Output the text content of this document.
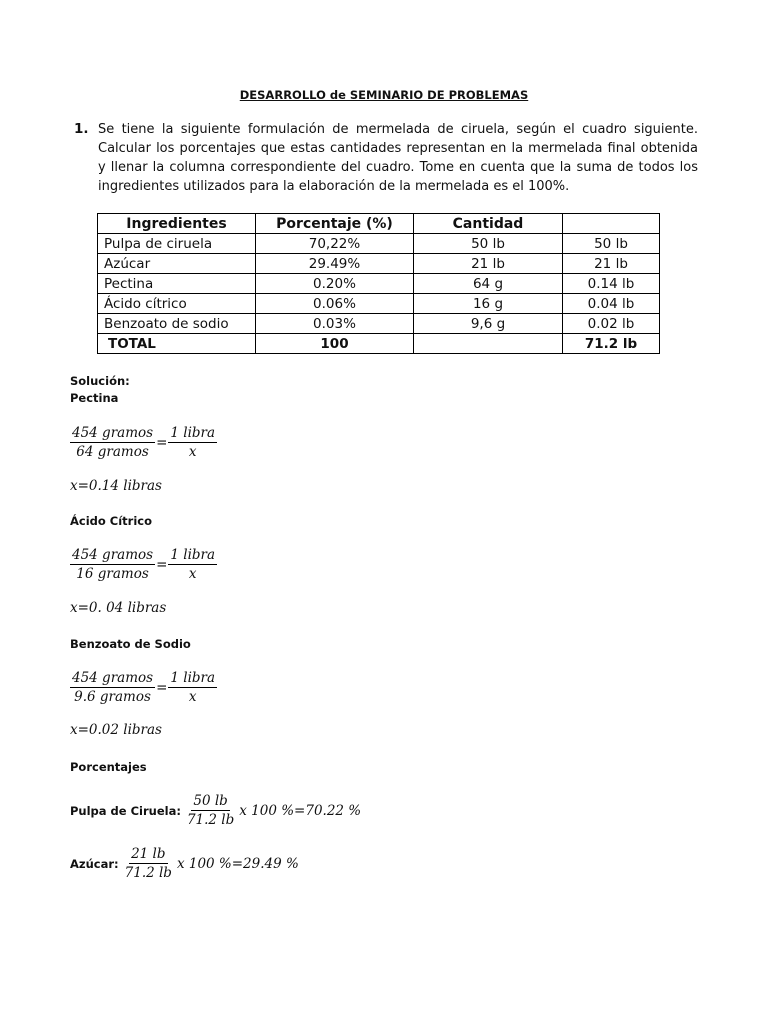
DESARROLLO de SEMINARIO DE PROBLEMAS
1. Se tiene la siguiente formulación de mermelada de ciruela, según el cuadro siguiente. Calcular los porcentajes que estas cantidades representan en la mermelada final obtenida y llenar la columna correspondiente del cuadro. Tome en cuenta que la suma de todos los ingredientes utilizados para la elaboración de la mermelada es el 100%.
Ingredientes	Porcentaje (%)	Cantidad	
Pulpa de ciruela	70,22%	50 lb	50 lb
Azúcar	29.49%	21 lb	21 lb
Pectina	0.20%	64 g	0.14 lb
Ácido cítrico	0.06%	16 g	0.04 lb
Benzoato de sodio	0.03%	9,6 g	0.02 lb
TOTAL	100		71.2 lb
Solución:
Pectina
$\frac{\text{454 gramos}}{\text{64 gramos}} = \frac{\text{1 libra}}{x}$
x=0.14 libras
Ácido Cítrico
$\frac{\text{454 gramos}}{\text{16 gramos}} = \frac{\text{1 libra}}{x}$
x=0. 04 libras
Benzoato de Sodio
$\frac{\text{454 gramos}}{\text{9.6 gramos}} = \frac{\text{1 libra}}{x}$
x=0.02 libras
Porcentajes
Pulpa de Ciruela: $\frac{50 lb}{71.2 lb}$ x 100 %=70.22 %
Azúcar: $\frac{21 lb}{71.2 lb}$ x 100 %=29.49 %
